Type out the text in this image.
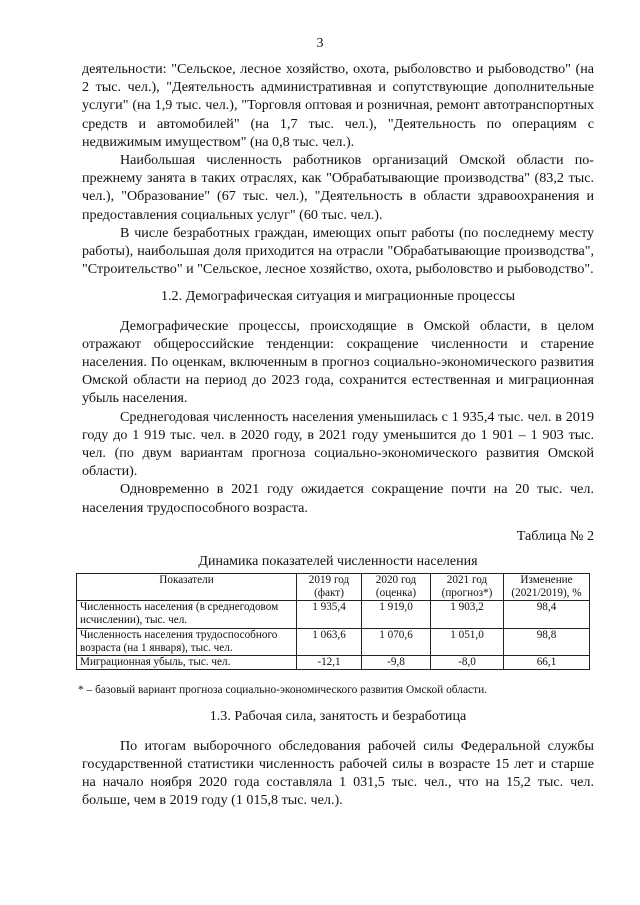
3

деятельности: "Сельское, лесное хозяйство, охота, рыболовство и рыбоводство" (на 2 тыс. чел.), "Деятельность административная и сопутствующие дополнительные услуги" (на 1,9 тыс. чел.), "Торговля оптовая и розничная, ремонт автотранспортных средств и автомобилей" (на 1,7 тыс. чел.), "Деятельность по операциям с недвижимым имуществом" (на 0,8 тыс. чел.).

Наибольшая численность работников организаций Омской области по-прежнему занята в таких отраслях, как "Обрабатывающие производства" (83,2 тыс. чел.), "Образование" (67 тыс. чел.), "Деятельность в области здравоохранения и предоставления социальных услуг" (60 тыс. чел.).

В числе безработных граждан, имеющих опыт работы (по последнему месту работы), наибольшая доля приходится на отрасли "Обрабатывающие производства", "Строительство" и "Сельское, лесное хозяйство, охота, рыболовство и рыбоводство".

1.2. Демографическая ситуация и миграционные процессы

Демографические процессы, происходящие в Омской области, в целом отражают общероссийские тенденции: сокращение численности и старение населения. По оценкам, включенным в прогноз социально-экономического развития Омской области на период до 2023 года, сохранится естественная и миграционная убыль населения.

Среднегодовая численность населения уменьшилась с 1 935,4 тыс. чел. в 2019 году до 1 919 тыс. чел. в 2020 году, в 2021 году уменьшится до 1 901 – 1 903 тыс. чел. (по двум вариантам прогноза социально-экономического развития Омской области).

Одновременно в 2021 году ожидается сокращение почти на 20 тыс. чел. населения трудоспособного возраста.

Таблица № 2
Динамика показателей численности населения
Показатели	2019 год (факт)	2020 год (оценка)	2021 год (прогноз*)	Изменение (2021/2019), %
Численность населения (в среднегодовом исчислении), тыс. чел.	1 935,4	1 919,0	1 903,2	98,4
Численность населения трудоспособного возраста (на 1 января), тыс. чел.	1 063,6	1 070,6	1 051,0	98,8
Миграционная убыль, тыс. чел.	-12,1	-9,8	-8,0	66,1
* – базовый вариант прогноза социально-экономического развития Омской области.
1.3. Рабочая сила, занятость и безработица

По итогам выборочного обследования рабочей силы Федеральной службы государственной статистики численность рабочей силы в возрасте 15 лет и старше на начало ноября 2020 года составляла 1 031,5 тыс. чел., что на 15,2 тыс. чел. больше, чем в 2019 году (1 015,8 тыс. чел.).
